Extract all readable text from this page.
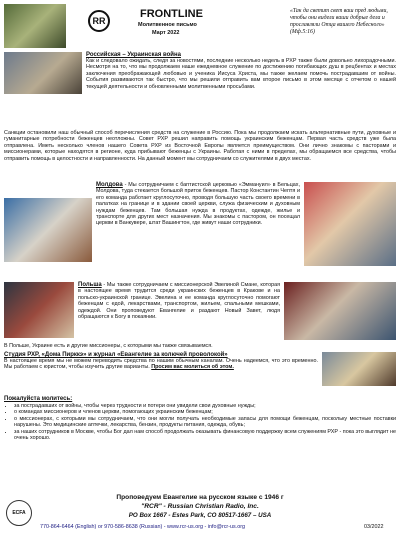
RR
FRONTLINE
Молитвенное письмо
Март 2022
«Так да светит свет ваш пред людьми, чтобы они видели ваши добрые дела и прославляли Отца вашего Небесного» (Мф.5:16)
Российская – Украинская война

Как и следовало ожидать, следя за новостями, последние несколько недель в РХР также были довольно лихорадочными. Несмотря на то, что мы продолжаем наше ежедневное служение по достижению погибающих душ в рецбентах и местах заключения преображающей любовью и ученика Иисуса Христа, мы также желаем помочь пострадавшим от войны. События развиваются так быстро, что мы решили отправить вам второе письмо в этом месяце с отчетом о нашей текущей деятельности и обновленными молитвенными просьбами.

Санкции остановили наш обычный способ перечисления средств на служение в Россию. Пока мы продолжаем искать альтернативные пути, духовные и гуманитарные потребности беженцев неотложны. Совет РХР решил направить помощь украинским беженцам. Первая часть средств уже была отправлена. Иметь несколько членов нашего Совета РХР из Восточной Европы является преимуществом. Они лично знакомы с пасторами и миссионерами, которые находятся в регионе, куда прибывают беженцы с Украины. Работая с ними в пределах, мы обращаемся все средства, чтобы отправить помощь в целостности и направленности. На данный момент мы сотрудничаем со служителями в двух местах.

Молдова - Мы сотрудничаем с баптистской церковью «Эммануил» в Бельцах, Молдова, туда стекается большой приток беженцев. Пастор Константин Чептя и его команда работает круглосуточно, проводя большую часть своего времени в палатках на границе и в здании своей церкви, служа физическим и духовным нуждам беженцев. Там большая нужда в продуктах, одежде, жилье и транспорте для других мест назначения. Мы знакомы с пастором, он посещал церкви в Ванкувере, штат Вашингтон, где живут наши сотрудники.

Польша - Мы также сотрудничаем с миссионерской Эвелиной Смане, которая в настоящее время трудится среди украинских беженцев в Кракове и на польско-украинской границе. Эвелина и ее команда круглосуточно помогают беженцам с едой, лекарствами, транспортом, жильем, спальными мешками, одеждой. Они проповедуют Евангелие и раздают Новый Завет, людя обращаются к Богу в покаянии.

В Польше, Украине есть и другие миссионеры, с которыми мы также связываемся.

Студия РХР, «Дома Пирккэ» и журнал «Евангелие за колючей проволокой»

В настоящее время мы не можем переводить средства по нашим обычным каналам. Очень надеемся, что это временно. Мы работаем с юристом, чтобы изучить другие варианты. Просим вас молиться об этом.

Пожалуйста молитесь:
• за пострадавших от войны, чтобы через трудности и потери они увидели свои духовные нужды;
• о командах миссионеров и членов церкви, помогающих украинским беженцам;
• о миссионерах, с которыми мы сотрудничаем, что они могли получать необходимые запасы для помощи беженцам, поскольку местные поставки нарушены. Это медицинские аптечки, лекарства, бензин, продукты питания, одежда, обувь;
• за наших сотрудников в Москве, чтобы Бог дал нам способ продолжать оказывать финансовую поддержку всем служениям РХР - пока это выглядит не очень хорошо.
ECFA
Проповедуем Евангелие на русском языке с 1946 г
"RCR" - Russian Christian Radio, Inc.
PO Box 1667 - Estes Park, CO 80517-1667 – USA
770-864-6464 (English) or 970-586-8638 (Russian) - www.rcr-us.org - info@rcr-us.org	03/2022
